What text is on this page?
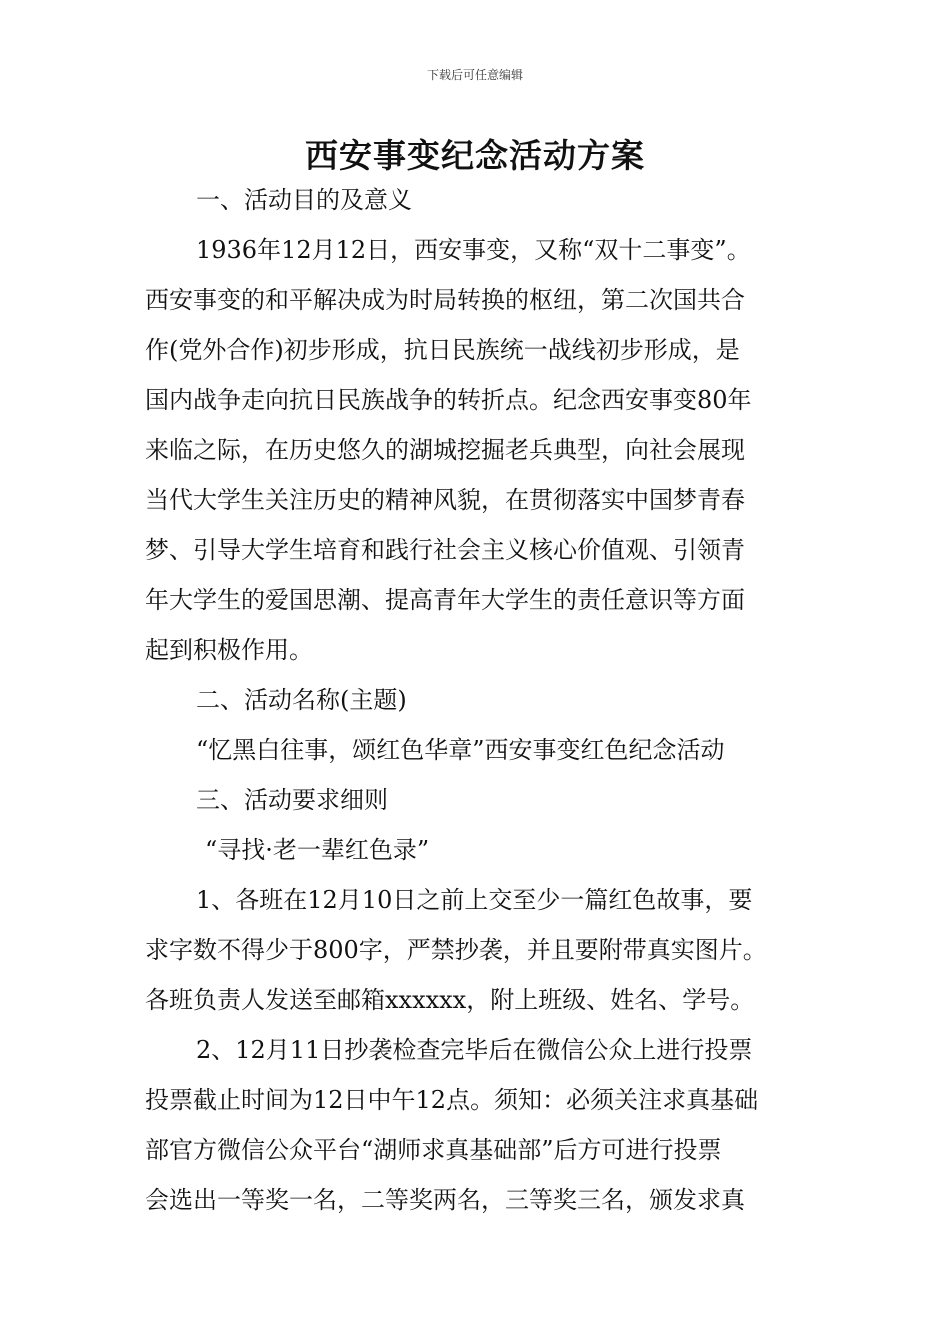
下载后可任意编辑
西安事变纪念活动方案
一、活动目的及意义
1936年12月12日，西安事变，又称“双十二事变”。
西安事变的和平解决成为时局转换的枢纽，第二次国共合
作(党外合作)初步形成，抗日民族统一战线初步形成，是
国内战争走向抗日民族战争的转折点。纪念西安事变80年
来临之际，在历史悠久的湖城挖掘老兵典型，向社会展现
当代大学生关注历史的精神风貌，在贯彻落实中国梦青春
梦、引导大学生培育和践行社会主义核心价值观、引领青
年大学生的爱国思潮、提高青年大学生的责任意识等方面
起到积极作用。
二、活动名称(主题)
“忆黑白往事，颂红色华章”西安事变红色纪念活动
三、活动要求细则
“寻找·老一辈红色录”
1、各班在12月10日之前上交至少一篇红色故事，要
求字数不得少于800字，严禁抄袭，并且要附带真实图片。
各班负责人发送至邮箱xxxxxx，附上班级、姓名、学号。
2、12月11日抄袭检查完毕后在微信公众上进行投票
投票截止时间为12日中午12点。须知：必须关注求真基础
部官方微信公众平台“湖师求真基础部”后方可进行投票
会选出一等奖一名，二等奖两名，三等奖三名，颁发求真
